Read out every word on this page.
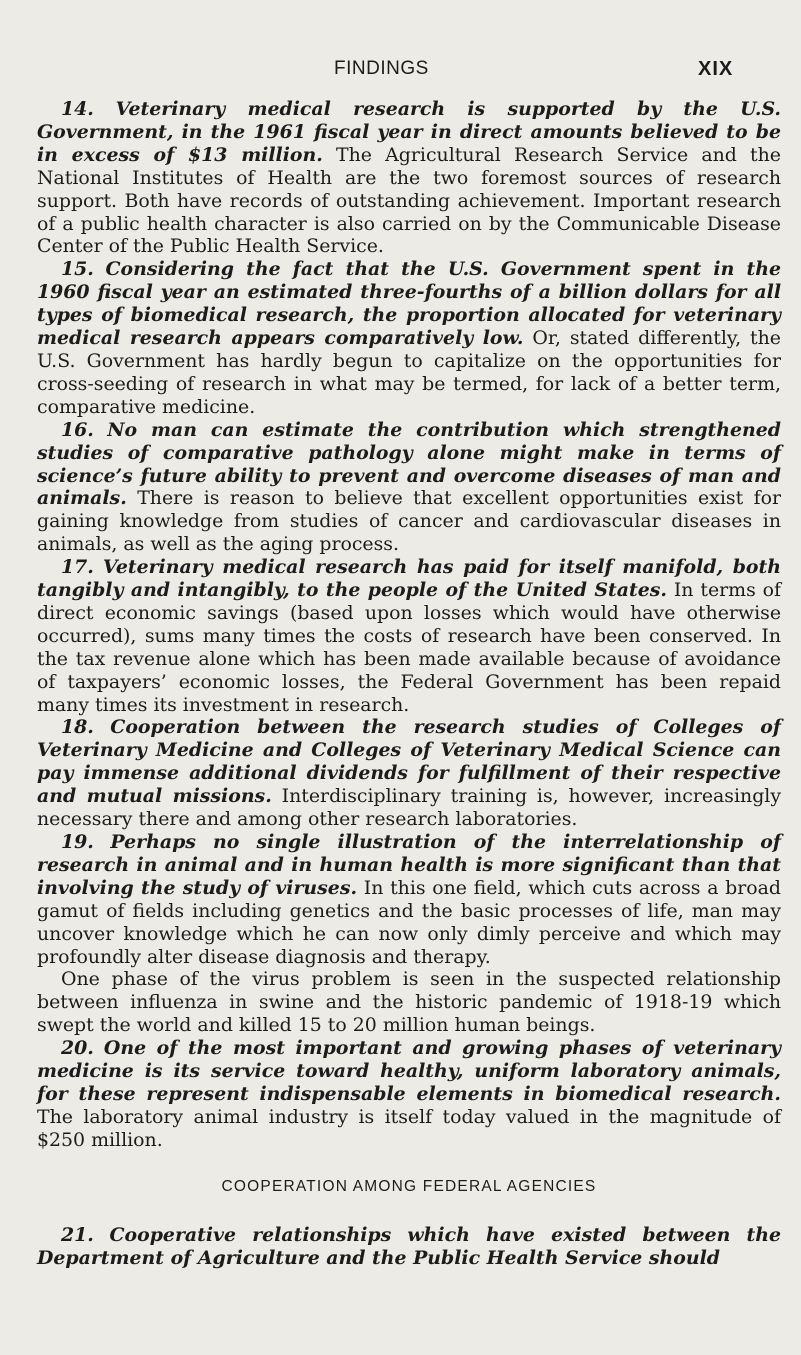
FINDINGS	XIX

14. Veterinary medical research is supported by the U.S. Government, in the 1961 fiscal year in direct amounts believed to be in excess of $13 million. The Agricultural Research Service and the National Institutes of Health are the two foremost sources of research support. Both have records of outstanding achievement. Important research of a public health character is also carried on by the Communicable Disease Center of the Public Health Service.

15. Considering the fact that the U.S. Government spent in the 1960 fiscal year an estimated three-fourths of a billion dollars for all types of biomedical research, the proportion allocated for veterinary medical research appears comparatively low. Or, stated differently, the U.S. Government has hardly begun to capitalize on the opportunities for cross-seeding of research in what may be termed, for lack of a better term, comparative medicine.

16. No man can estimate the contribution which strengthened studies of comparative pathology alone might make in terms of science’s future ability to prevent and overcome diseases of man and animals. There is reason to believe that excellent opportunities exist for gaining knowledge from studies of cancer and cardiovascular diseases in animals, as well as the aging process.

17. Veterinary medical research has paid for itself manifold, both tangibly and intangibly, to the people of the United States. In terms of direct economic savings (based upon losses which would have otherwise occurred), sums many times the costs of research have been conserved. In the tax revenue alone which has been made available because of avoidance of taxpayers’ economic losses, the Federal Government has been repaid many times its investment in research.

18. Cooperation between the research studies of Colleges of Veterinary Medicine and Colleges of Veterinary Medical Science can pay immense additional dividends for fulfillment of their respective and mutual missions. Interdisciplinary training is, however, increasingly necessary there and among other research laboratories.

19. Perhaps no single illustration of the interrelationship of research in animal and in human health is more significant than that involving the study of viruses. In this one field, which cuts across a broad gamut of fields including genetics and the basic processes of life, man may uncover knowledge which he can now only dimly perceive and which may profoundly alter disease diagnosis and therapy.

One phase of the virus problem is seen in the suspected relationship between influenza in swine and the historic pandemic of 1918-19 which swept the world and killed 15 to 20 million human beings.

20. One of the most important and growing phases of veterinary medicine is its service toward healthy, uniform laboratory animals, for these represent indispensable elements in biomedical research. The laboratory animal industry is itself today valued in the magnitude of $250 million.

COOPERATION AMONG FEDERAL AGENCIES

21. Cooperative relationships which have existed between the Department of Agriculture and the Public Health Service should
